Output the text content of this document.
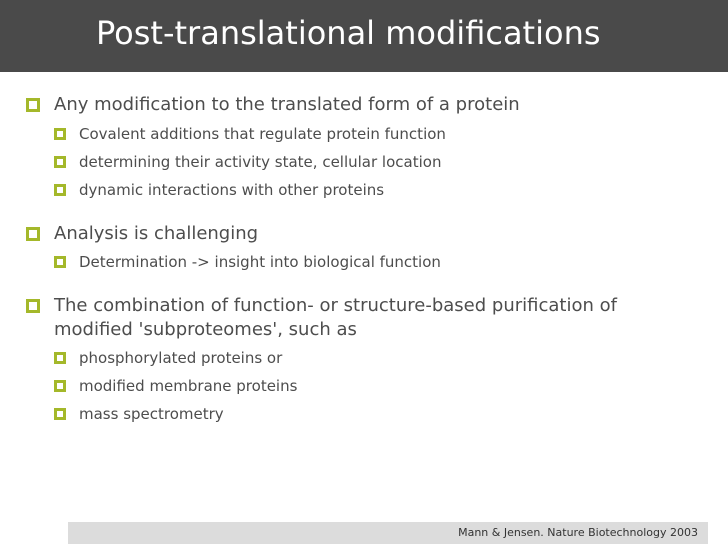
Post-translational modifications
Any modification to the translated form of a protein
Covalent additions that regulate protein function
determining their activity state, cellular location
dynamic interactions with other proteins
Analysis is challenging
Determination -> insight into biological function
The combination of function- or structure-based purification of modified 'subproteomes', such as
phosphorylated proteins or
modified membrane proteins
mass spectrometry
Mann & Jensen. Nature Biotechnology 2003
